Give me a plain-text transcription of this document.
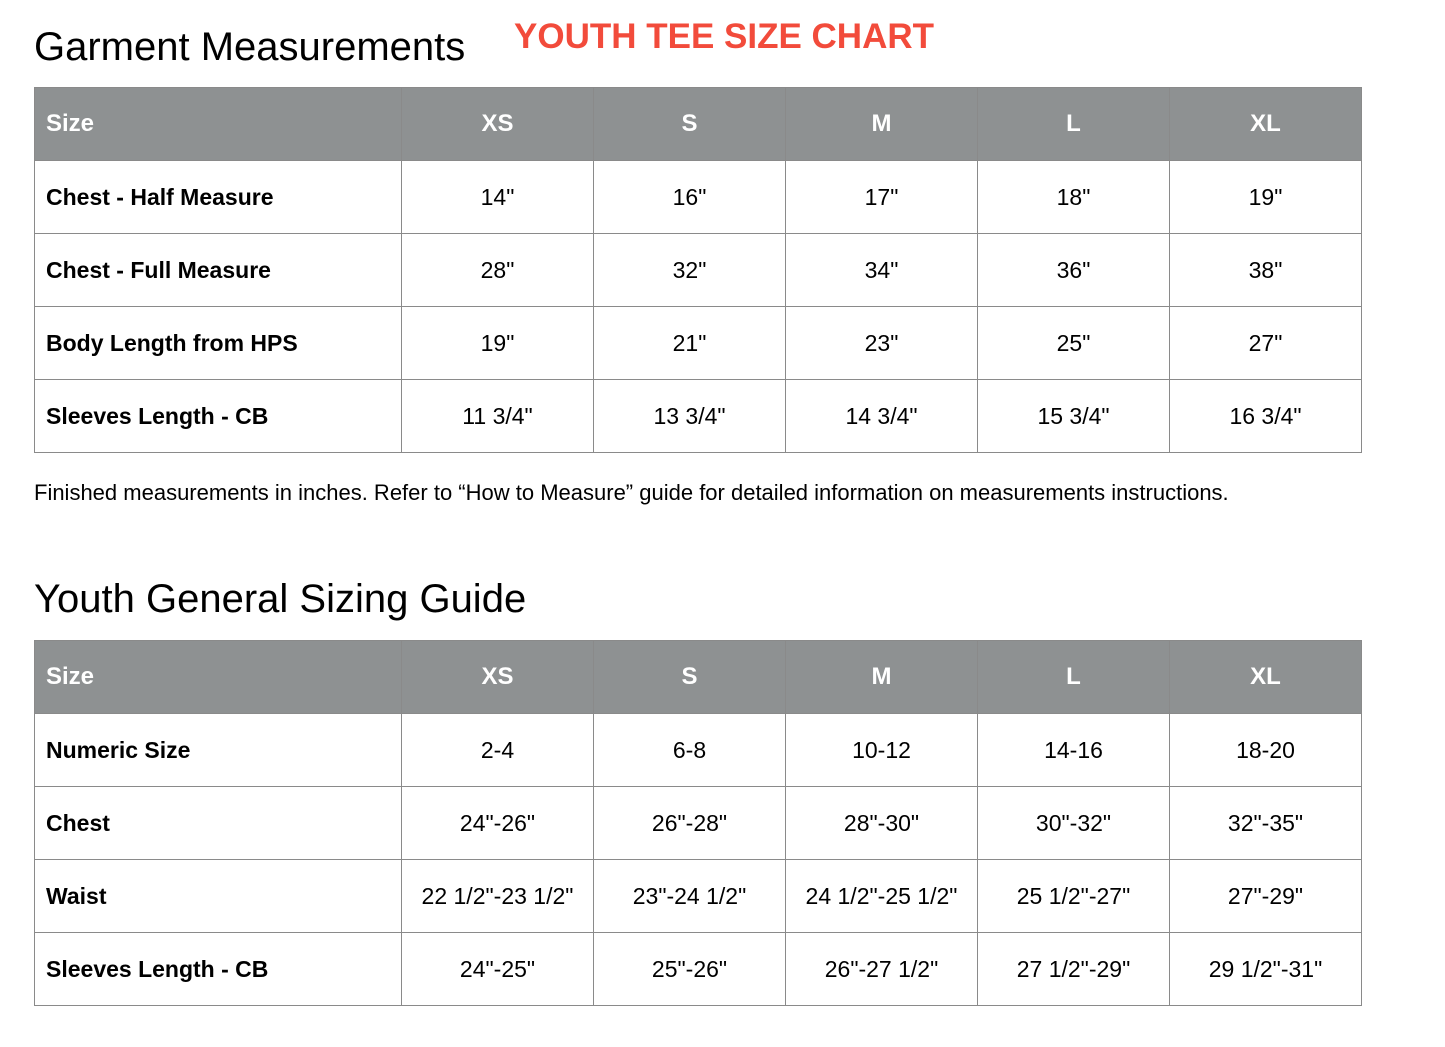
Garment Measurements YOUTH TEE SIZE CHART
Size	XS	S	M	L	XL
Chest - Half Measure	14"	16"	17"	18"	19"
Chest - Full Measure	28"	32"	34"	36"	38"
Body Length from HPS	19"	21"	23"	25"	27"
Sleeves Length - CB	11 3/4"	13 3/4"	14 3/4"	15 3/4"	16 3/4"

Finished measurements in inches. Refer to “How to Measure” guide for detailed information on measurements instructions.

Youth General Sizing Guide
Size	XS	S	M	L	XL
Numeric Size	2-4	6-8	10-12	14-16	18-20
Chest	24"-26"	26"-28"	28"-30"	30"-32"	32"-35"
Waist	22 1/2"-23 1/2"	23"-24 1/2"	24 1/2"-25 1/2"	25 1/2"-27"	27"-29"
Sleeves Length - CB	24"-25"	25"-26"	26"-27 1/2"	27 1/2"-29"	29 1/2"-31"
